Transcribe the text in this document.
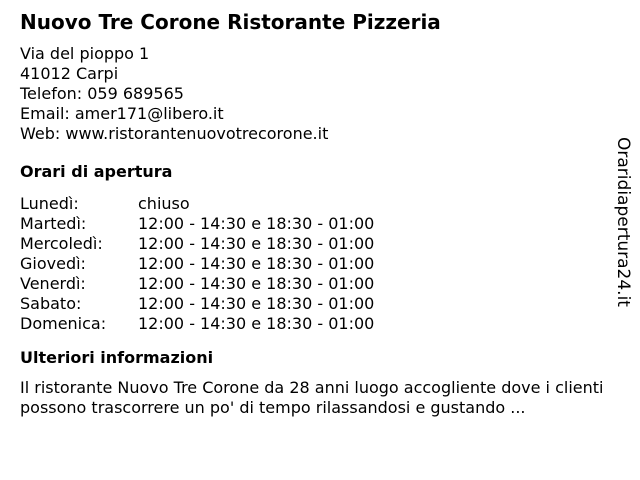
Nuovo Tre Corone Ristorante Pizzeria
Via del pioppo 1
41012 Carpi
Telefon: 059 689565
Email: amer171@libero.it
Web: www.ristorantenuovotrecorone.it
Orari di apertura
Lunedì:	chiuso
Martedì:	12:00 - 14:30 e 18:30 - 01:00
Mercoledì:	12:00 - 14:30 e 18:30 - 01:00
Giovedì:	12:00 - 14:30 e 18:30 - 01:00
Venerdì:	12:00 - 14:30 e 18:30 - 01:00
Sabato:	12:00 - 14:30 e 18:30 - 01:00
Domenica:	12:00 - 14:30 e 18:30 - 01:00
Ulteriori informazioni
Il ristorante Nuovo Tre Corone da 28 anni luogo accogliente dove i clienti possono trascorrere un po' di tempo rilassandosi e gustando ...
Oraridiapertura24.it
